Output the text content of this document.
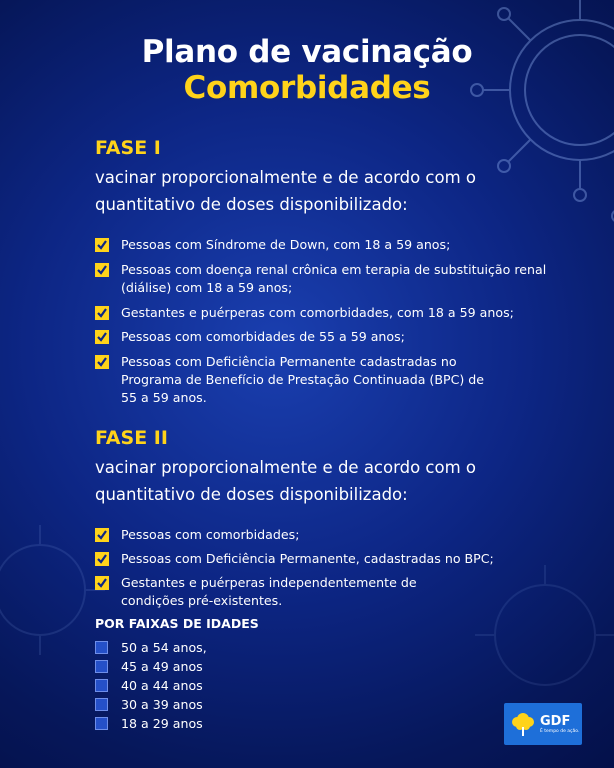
Plano de vacinação
Comorbidades
FASE I
vacinar proporcionalmente e de acordo com o quantitativo de doses disponibilizado:
Pessoas com Síndrome de Down, com 18 a 59 anos;
Pessoas com doença renal crônica em terapia de substituição renal (diálise) com 18 a 59 anos;
Gestantes e puérperas com comorbidades, com 18 a 59 anos;
Pessoas com comorbidades de 55 a 59 anos;
Pessoas com Deficiência Permanente cadastradas no Programa de Benefício de Prestação Continuada (BPC) de 55 a 59 anos.
FASE II
vacinar proporcionalmente e de acordo com o quantitativo de doses disponibilizado:
Pessoas com comorbidades;
Pessoas com Deficiência Permanente, cadastradas no BPC;
Gestantes e puérperas independentemente de condições pré-existentes.
POR FAIXAS DE IDADES
50 a 54 anos,
45 a 49 anos
40 a 44 anos
30 a 39 anos
18 a 29 anos	GDF
É tempo de ação.
